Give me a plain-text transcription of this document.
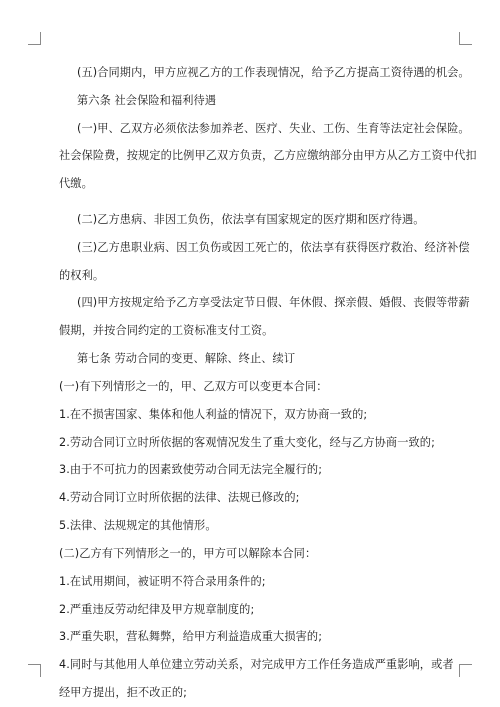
(五)合同期内，甲方应视乙方的工作表现情况，给予乙方提高工资待遇的机会。
第六条 社会保险和福利待遇
(一)甲、乙双方必须依法参加养老、医疗、失业、工伤、生育等法定社会保险。
社会保险费，按规定的比例甲乙双方负责，乙方应缴纳部分由甲方从乙方工资中代扣
代缴。
(二)乙方患病、非因工负伤，依法享有国家规定的医疗期和医疗待遇。
(三)乙方患职业病、因工负伤或因工死亡的，依法享有获得医疗救治、经济补偿
的权利。
(四)甲方按规定给予乙方享受法定节日假、年休假、探亲假、婚假、丧假等带薪
假期，并按合同约定的工资标准支付工资。
第七条 劳动合同的变更、解除、终止、续订
(一)有下列情形之一的，甲、乙双方可以变更本合同：
1.在不损害国家、集体和他人利益的情况下，双方协商一致的;
2.劳动合同订立时所依据的客观情况发生了重大变化，经与乙方协商一致的;
3.由于不可抗力的因素致使劳动合同无法完全履行的;
4.劳动合同订立时所依据的法律、法规已修改的;
5.法律、法规规定的其他情形。
(二)乙方有下列情形之一的，甲方可以解除本合同：
1.在试用期间，被证明不符合录用条件的;
2.严重违反劳动纪律及甲方规章制度的;
3.严重失职，营私舞弊，给甲方利益造成重大损害的;
4.同时与其他用人单位建立劳动关系，对完成甲方工作任务造成严重影响，或者
经甲方提出，拒不改正的;
